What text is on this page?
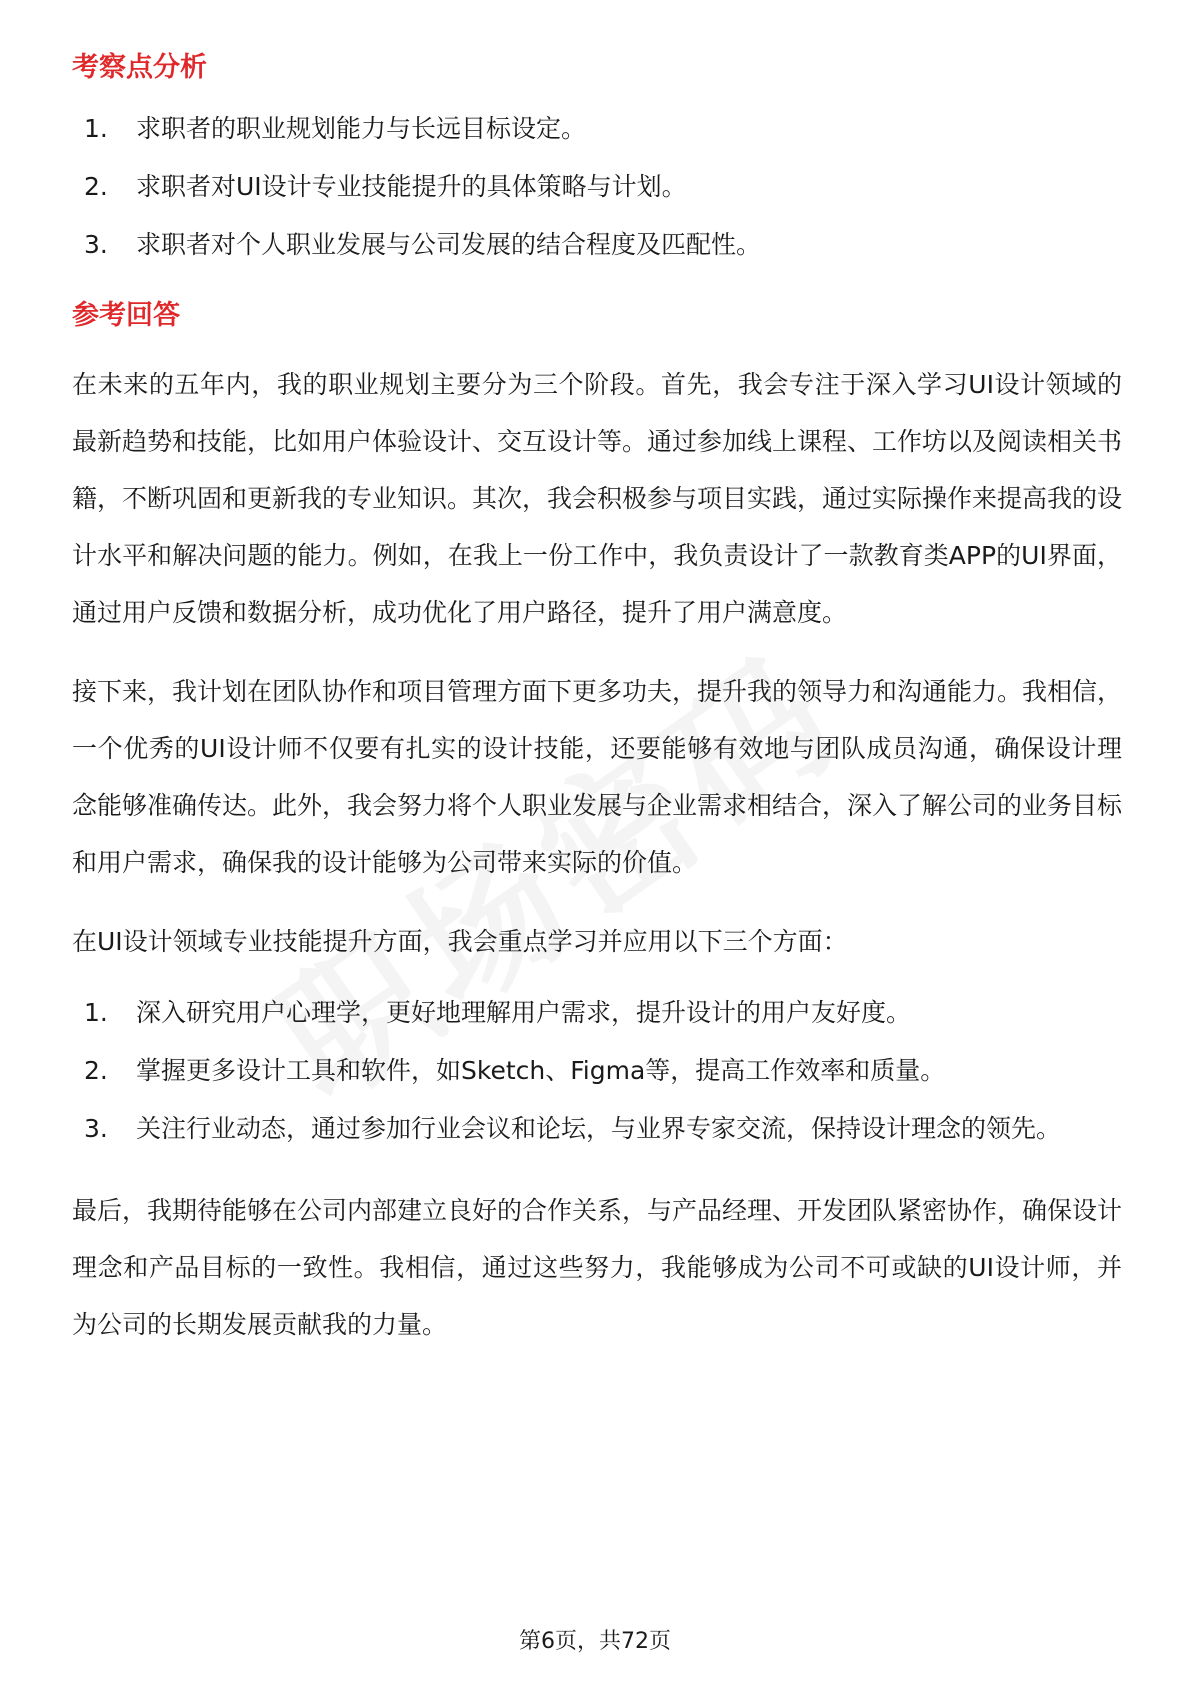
考察点分析
1.	求职者的职业规划能力与长远目标设定。
2.	求职者对UI设计专业技能提升的具体策略与计划。
3.	求职者对个人职业发展与公司发展的结合程度及匹配性。
参考回答

在未来的五年内，我的职业规划主要分为三个阶段。首先，我会专注于深入学习UI设计领域的最新趋势和技能，比如用户体验设计、交互设计等。通过参加线上课程、工作坊以及阅读相关书籍，不断巩固和更新我的专业知识。其次，我会积极参与项目实践，通过实际操作来提高我的设计水平和解决问题的能力。例如，在我上一份工作中，我负责设计了一款教育类APP的UI界面，通过用户反馈和数据分析，成功优化了用户路径，提升了用户满意度。

接下来，我计划在团队协作和项目管理方面下更多功夫，提升我的领导力和沟通能力。我相信，一个优秀的UI设计师不仅要有扎实的设计技能，还要能够有效地与团队成员沟通，确保设计理念能够准确传达。此外，我会努力将个人职业发展与企业需求相结合，深入了解公司的业务目标和用户需求，确保我的设计能够为公司带来实际的价值。

在UI设计领域专业技能提升方面，我会重点学习并应用以下三个方面：

1.	深入研究用户心理学，更好地理解用户需求，提升设计的用户友好度。
2.	掌握更多设计工具和软件，如Sketch、Figma等，提高工作效率和质量。
3.	关注行业动态，通过参加行业会议和论坛，与业界专家交流，保持设计理念的领先。

最后，我期待能够在公司内部建立良好的合作关系，与产品经理、开发团队紧密协作，确保设计理念和产品目标的一致性。我相信，通过这些努力，我能够成为公司不可或缺的UI设计师，并为公司的长期发展贡献我的力量。

第6页，共72页
